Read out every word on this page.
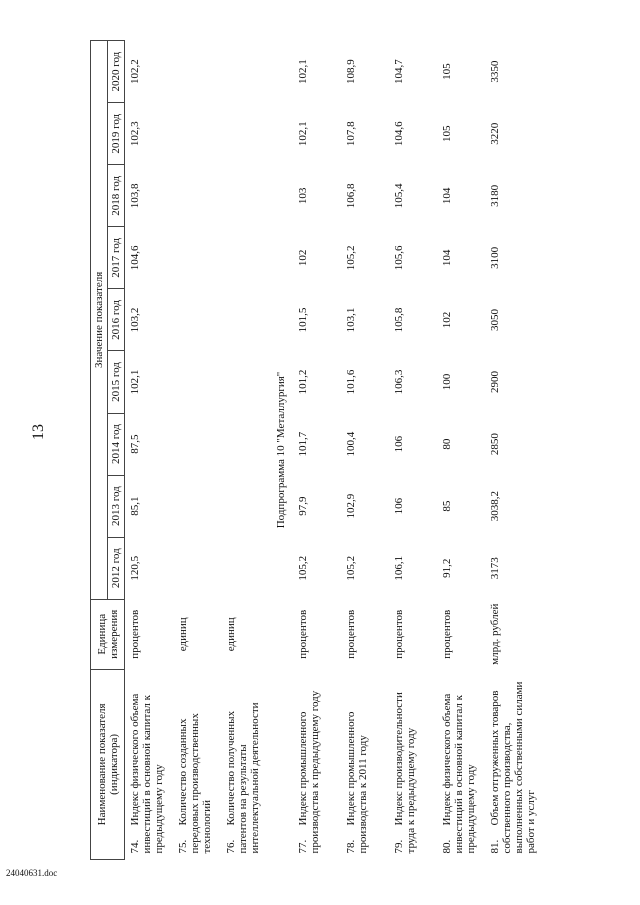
13
Наименование показателя (индикатора)	Единица измерения	Значение показателя								
		2012 год	2013 год	2014 год	2015 год	2016 год	2017 год	2018 год	2019 год	2020 год
74.Индекс физического объема инвестиций в основной капитал к предыдущему году	процентов	120,5	85,1	87,5	102,1	103,2	104,6	103,8	102,3	102,2
75.Количество созданных передовых производственных технологий	единиц									
76.Количество полученных патентов на результаты интеллектуальной деятельности	единиц									
Подпрограмма 10 "Металлургия"										
77.Индекс промышленного производства к предыдущему году	процентов	105,2	97,9	101,7	101,2	101,5	102	103	102,1	102,1
78.Индекс промышленного производства к 2011 году	процентов	105,2	102,9	100,4	101,6	103,1	105,2	106,8	107,8	108,9
79.Индекс производительности труда к предыдущему году	процентов	106,1	106	106	106,3	105,8	105,6	105,4	104,6	104,7
80.Индекс физического объема инвестиций в основной капитал к предыдущему году	процентов	91,2	85	80	100	102	104	104	105	105
81.Объем отгруженных товаров собственного производства, выполненных собственными силами работ и услуг	млрд. рублей	3173	3038,2	2850	2900	3050	3100	3180	3220	3350
24040631.doc
